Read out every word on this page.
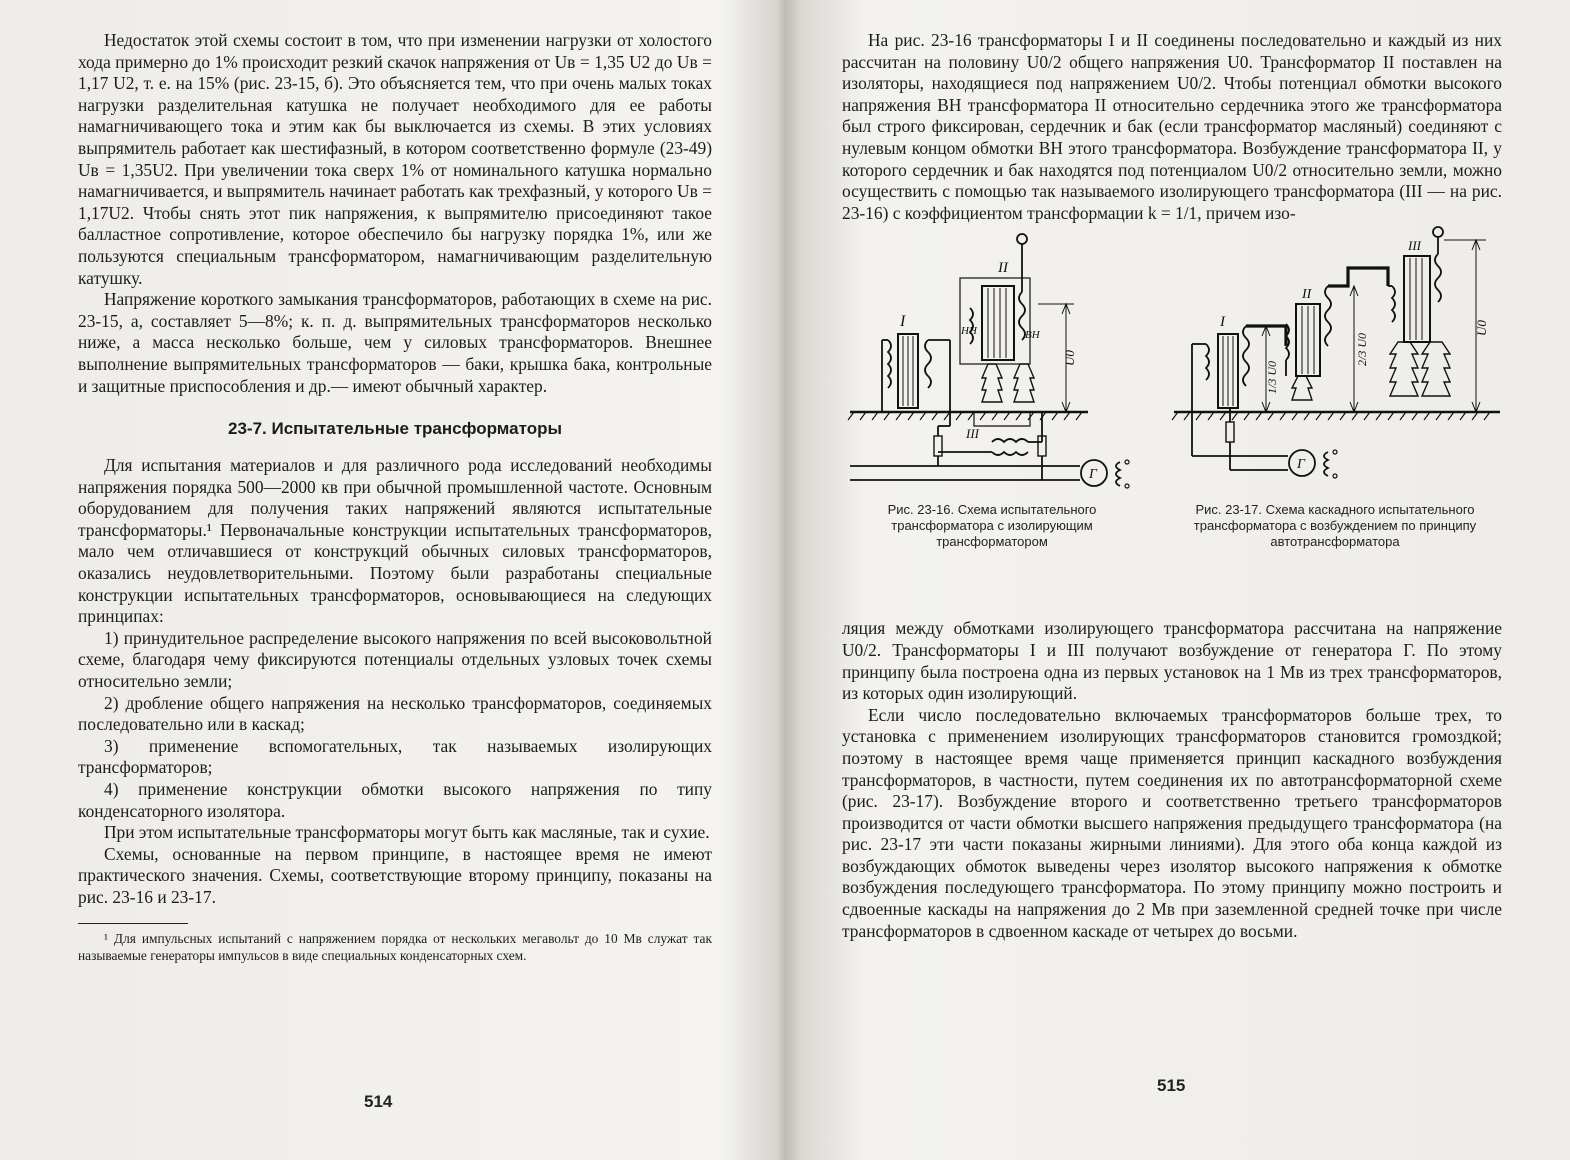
Недостаток этой схемы состоит в том, что при изменении нагрузки от холостого хода примерно до 1% происходит резкий скачок напряжения от Uв = 1,35 U2 до Uв = 1,17 U2, т. е. на 15% (рис. 23-15, б). Это объясняется тем, что при очень малых токах нагрузки разделительная катушка не получает необходимого для ее работы намагничивающего тока и этим как бы выключается из схемы. В этих условиях выпрямитель работает как шестифазный, в котором соответственно формуле (23-49) Uв = 1,35U2. При увеличении тока сверх 1% от номинального катушка нормально намагничивается, и выпрямитель начинает работать как трехфазный, у которого Uв = 1,17U2. Чтобы снять этот пик напряжения, к выпрямителю присоединяют такое балластное сопротивление, которое обеспечило бы нагрузку порядка 1%, или же пользуются специальным трансформатором, намагничивающим разделительную катушку.

Напряжение короткого замыкания трансформаторов, работающих в схеме на рис. 23-15, а, составляет 5—8%; к. п. д. выпрямительных трансформаторов несколько ниже, а масса несколько больше, чем у силовых трансформаторов. Внешнее выполнение выпрямительных трансформаторов — баки, крышка бака, контрольные и защитные приспособления и др.— имеют обычный характер.

23-7. Испытательные трансформаторы

Для испытания материалов и для различного рода исследований необходимы напряжения порядка 500—2000 кв при обычной промышленной частоте. Основным оборудованием для получения таких напряжений являются испытательные трансформаторы.¹ Первоначальные конструкции испытательных трансформаторов, мало чем отличавшиеся от конструкций обычных силовых трансформаторов, оказались неудовлетворительными. Поэтому были разработаны специальные конструкции испытательных трансформаторов, основывающиеся на следующих принципах:

1) принудительное распределение высокого напряжения по всей высоковольтной схеме, благодаря чему фиксируются потенциалы отдельных узловых точек схемы относительно земли;

2) дробление общего напряжения на несколько трансформаторов, соединяемых последовательно или в каскад;

3) применение вспомогательных, так называемых изолирующих трансформаторов;

4) применение конструкции обмотки высокого напряжения по типу конденсаторного изолятора.

При этом испытательные трансформаторы могут быть как масляные, так и сухие.

Схемы, основанные на первом принципе, в настоящее время не имеют практического значения. Схемы, соответствующие второму принципу, показаны на рис. 23-16 и 23-17.

¹ Для импульсных испытаний с напряжением порядка от нескольких мегавольт до 10 Мв служат так называемые генераторы импульсов в виде специальных конденсаторных схем.

514

На рис. 23-16 трансформаторы I и II соединены последовательно и каждый из них рассчитан на половину U0/2 общего напряжения U0. Трансформатор II поставлен на изоляторы, находящиеся под напряжением U0/2. Чтобы потенциал обмотки высокого напряжения ВН трансформатора II относительно сердечника этого же трансформатора был строго фиксирован, сердечник и бак (если трансформатор масляный) соединяют с нулевым концом обмотки ВН этого трансформатора. Возбуждение трансформатора II, у которого сердечник и бак находятся под потенциалом U0/2 относительно земли, можно осуществить с помощью так называемого изолирующего трансформатора (III — на рис. 23-16) с коэффициентом трансформации k = 1/1, причем изо-

I
II
III
НН	ВН
U0
Г
Рис. 23-16. Схема испытательного трансформатора с изолирующим трансформатором
I
II
III
1/3 U0
2/3 U0
U0
Г
Рис. 23-17. Схема каскадного испытательного трансформатора с возбуждением по принципу автотрансформатора

ляция между обмотками изолирующего трансформатора рассчитана на напряжение U0/2. Трансформаторы I и III получают возбуждение от генератора Г. По этому принципу была построена одна из первых установок на 1 Мв из трех трансформаторов, из которых один изолирующий.

Если число последовательно включаемых трансформаторов больше трех, то установка с применением изолирующих трансформаторов становится громоздкой; поэтому в настоящее время чаще применяется принцип каскадного возбуждения трансформаторов, в частности, путем соединения их по автотрансформаторной схеме (рис. 23-17). Возбуждение второго и соответственно третьего трансформаторов производится от части обмотки высшего напряжения предыдущего трансформатора (на рис. 23-17 эти части показаны жирными линиями). Для этого оба конца каждой из возбуждающих обмоток выведены через изолятор высокого напряжения к обмотке возбуждения последующего трансформатора. По этому принципу можно построить и сдвоенные каскады на напряжения до 2 Мв при заземленной средней точке при числе трансформаторов в сдвоенном каскаде от четырех до восьми.

515
